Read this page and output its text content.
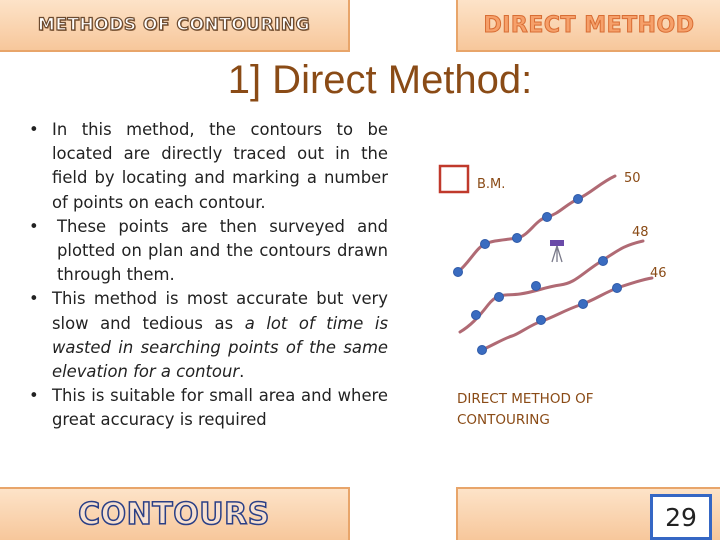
METHODS OF CONTOURING	DIRECT METHOD
1] Direct Method:
• In this method, the contours to be located are directly traced out in the field by locating and marking a number of points on each contour.
• These points are then surveyed and plotted on plan and the contours drawn through them.
• This method is most accurate but very slow and tedious as a lot of time is wasted in searching points of the same elevation for a contour.
• This is suitable for small area and where great accuracy is required
B.M.	50
48
46
DIRECT METHOD OF
CONTOURING
CONTOURS	29
